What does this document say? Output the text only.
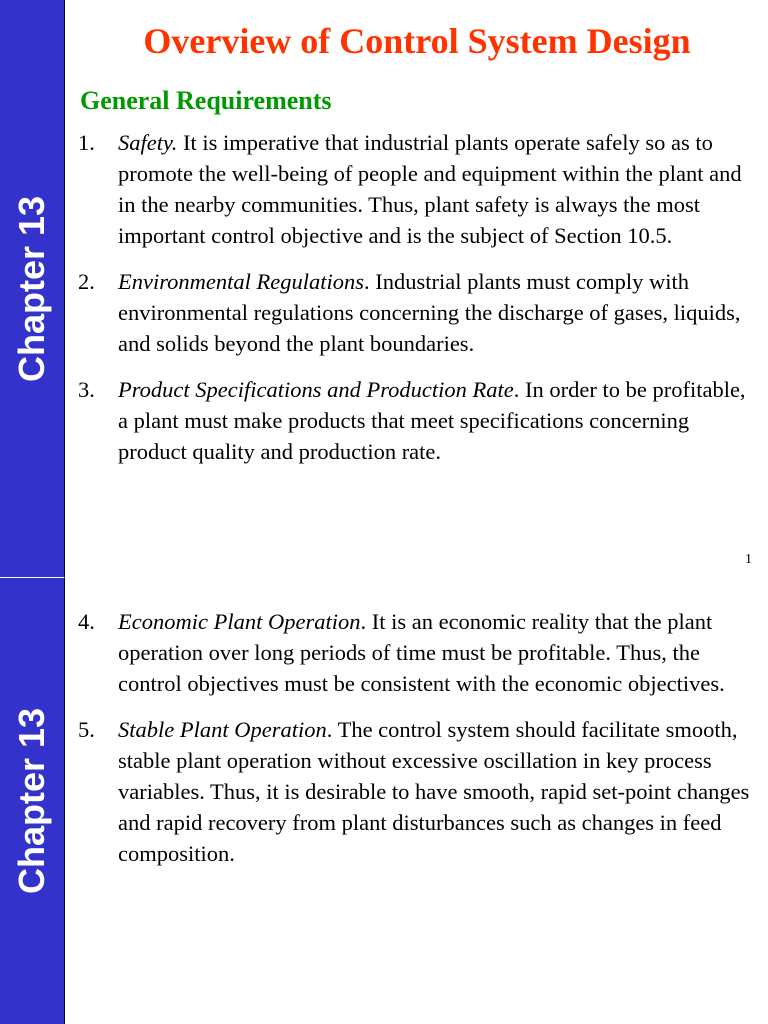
Chapter 13
Overview of Control System Design
General Requirements
1. Safety. It is imperative that industrial plants operate safely so as to promote the well-being of people and equipment within the plant and in the nearby communities. Thus, plant safety is always the most important control objective and is the subject of Section 10.5.
2. Environmental Regulations. Industrial plants must comply with environmental regulations concerning the discharge of gases, liquids, and solids beyond the plant boundaries.
3. Product Specifications and Production Rate. In order to be profitable, a plant must make products that meet specifications concerning product quality and production rate.
1
Chapter 13
4. Economic Plant Operation. It is an economic reality that the plant operation over long periods of time must be profitable. Thus, the control objectives must be consistent with the economic objectives.
5. Stable Plant Operation. The control system should facilitate smooth, stable plant operation without excessive oscillation in key process variables. Thus, it is desirable to have smooth, rapid set-point changes and rapid recovery from plant disturbances such as changes in feed composition.
